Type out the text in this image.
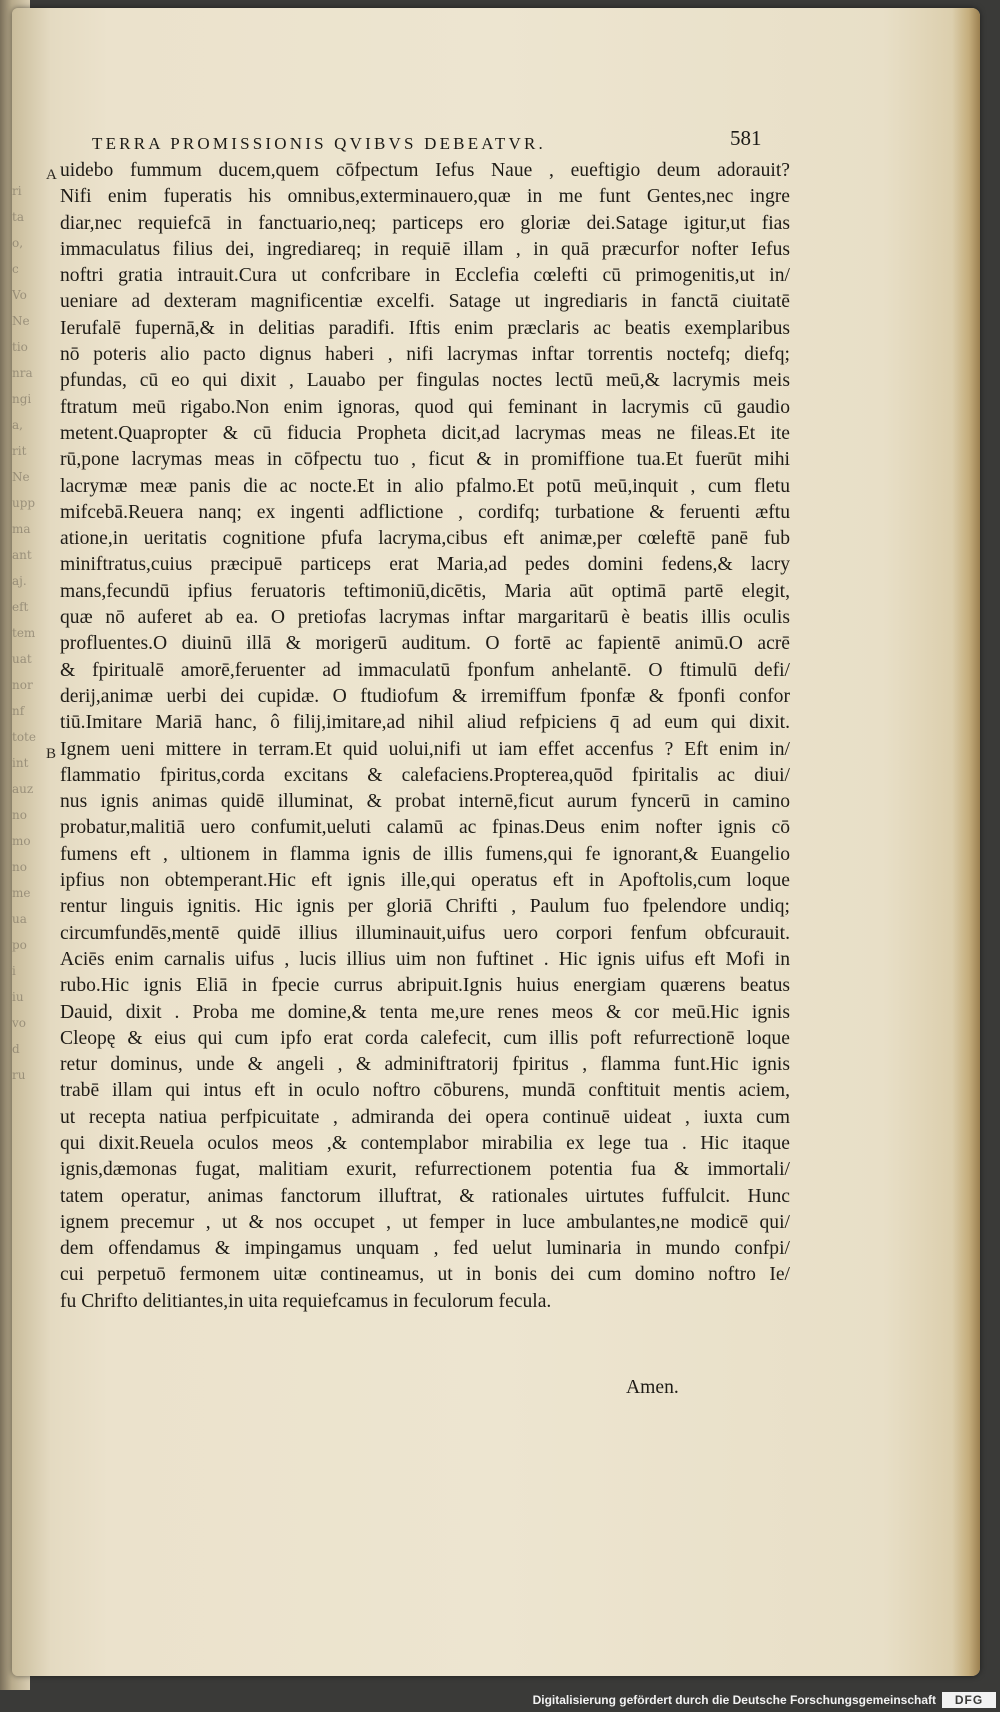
ri
ta
o,
c
Vo
Ne
tio
nra
ngi
a,
rit
Ne
upp
ma
ant
aj.
eft
tem
uat
nor
nf
tote
int
auz
no
mo
no
me
ua
po
i
iu
vo
d
ru
TERRA PROMISSIONIS QVIBVS DEBEATVR.	581
A uidebo fummum ducem,quem cōfpectum Iefus Naue , eueftigio deum adorauit?
Nifi enim fuperatis his omnibus,exterminauero,quæ in me funt Gentes,nec ingre
diar,nec requiefcā in fanctuario,neq; particeps ero gloriæ dei.Satage igitur,ut fias
immaculatus filius dei, ingrediareq; in requiē illam , in quā præcurfor nofter Iefus
noftri gratia intrauit.Cura ut confcribare in Ecclefia cœlefti cū primogenitis,ut in/
ueniare ad dexteram magnificentiæ excelfi. Satage ut ingrediaris in fanctā ciuitatē
Ierufalē fupernā,& in delitias paradifi. Iftis enim præclaris ac beatis exemplaribus
nō poteris alio pacto dignus haberi , nifi lacrymas inftar torrentis noctefq; diefq;
pfundas, cū eo qui dixit , Lauabo per fingulas noctes lectū meū,& lacrymis meis
ftratum meū rigabo.Non enim ignoras, quod qui feminant in lacrymis cū gaudio
metent.Quapropter & cū fiducia Propheta dicit,ad lacrymas meas ne fileas.Et ite
rū,pone lacrymas meas in cōfpectu tuo , ficut & in promiffione tua.Et fuerūt mihi
lacrymæ meæ panis die ac nocte.Et in alio pfalmo.Et potū meū,inquit , cum fletu
mifcebā.Reuera nanq; ex ingenti adflictione , cordifq; turbatione & feruenti æftu
atione,in ueritatis cognitione pfufa lacryma,cibus eft animæ,per cœleftē panē fub
miniftratus,cuius præcipuē particeps erat Maria,ad pedes domini fedens,& lacry
mans,fecundū ipfius feruatoris teftimoniū,dicētis, Maria aūt optimā partē elegit,
quæ nō auferet ab ea. O pretiofas lacrymas inftar margaritarū è beatis illis oculis
profluentes.O diuinū illā & morigerū auditum. O fortē ac fapientē animū.O acrē
& fpiritualē amorē,feruenter ad immaculatū fponfum anhelantē. O ftimulū defi/
derij,animæ uerbi dei cupidæ. O ftudiofum & irremiffum fponfæ & fponfi confor
tiū.Imitare Mariā hanc, ô filij,imitare,ad nihil aliud refpiciens q̄ ad eum qui dixit.
B Ignem ueni mittere in terram.Et quid uolui,nifi ut iam effet accenfus ? Eft enim in/
flammatio fpiritus,corda excitans & calefaciens.Propterea,quōd fpiritalis ac diui/
nus ignis animas quidē illuminat, & probat internē,ficut aurum fyncerū in camino
probatur,malitiā uero confumit,ueluti calamū ac fpinas.Deus enim nofter ignis cō
fumens eft , ultionem in flamma ignis de illis fumens,qui fe ignorant,& Euangelio
ipfius non obtemperant.Hic eft ignis ille,qui operatus eft in Apoftolis,cum loque
rentur linguis ignitis. Hic ignis per gloriā Chrifti , Paulum fuo fpelendore undiq;
circumfundēs,mentē quidē illius illuminauit,uifus uero corpori fenfum obfcurauit.
Aciēs enim carnalis uifus , lucis illius uim non fuftinet . Hic ignis uifus eft Mofi in
rubo.Hic ignis Eliā in fpecie currus abripuit.Ignis huius energiam quærens beatus
Dauid, dixit . Proba me domine,& tenta me,ure renes meos & cor meū.Hic ignis
Cleopę & eius qui cum ipfo erat corda calefecit, cum illis poft refurrectionē loque
retur dominus, unde & angeli , & adminiftratorij fpiritus , flamma funt.Hic ignis
trabē illam qui intus eft in oculo noftro cōburens, mundā conftituit mentis aciem,
ut recepta natiua perfpicuitate , admiranda dei opera continuē uideat , iuxta cum
qui dixit.Reuela oculos meos ,& contemplabor mirabilia ex lege tua . Hic itaque
ignis,dæmonas fugat, malitiam exurit, refurrectionem potentia fua & immortali/
tatem operatur, animas fanctorum illuftrat, & rationales uirtutes fuffulcit. Hunc
ignem precemur , ut & nos occupet , ut femper in luce ambulantes,ne modicē qui/
dem offendamus & impingamus unquam , fed uelut luminaria in mundo confpi/
cui perpetuō fermonem uitæ contineamus, ut in bonis dei cum domino noftro Ie/
fu Chrifto delitiantes,in uita requiefcamus in feculorum fecula.
Amen.
Digitalisierung gefördert durch die Deutsche Forschungsgemeinschaft	DFG
